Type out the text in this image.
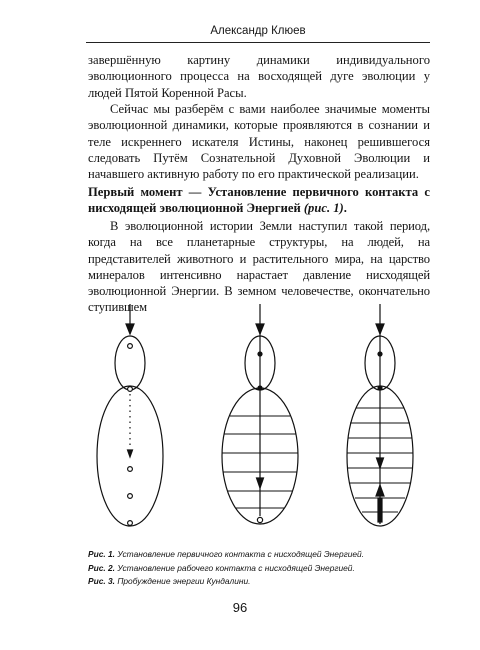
Александр Клюев
завершённую картину динамики индивидуального эволюционного процесса на восходящей дуге эволюции у людей Пятой Коренной Расы.
Сейчас мы разберём с вами наиболее значимые моменты эволюционной динамики, которые проявляются в сознании и теле искреннего искателя Истины, наконец решившегося следовать Путём Сознательной Духовной Эволюции и начавшего активную работу по его практической реализации.
Первый момент — Установление первичного контакта с нисходящей эволюционной Энергией (рис. 1).
В эволюционной истории Земли наступил такой период, когда на все планетарные структуры, на людей, на представителей животного и растительного мира, на царство минералов интенсивно нарастает давление нисходящей эволюционной Энергии. В земном человечестве, окончательно ступившем
Рис. 1. Установление первичного контакта с нисходящей Энергией.
Рис. 2. Установление рабочего контакта с нисходящей Энергией.
Рис. 3. Пробуждение энергии Кундалини.
96
